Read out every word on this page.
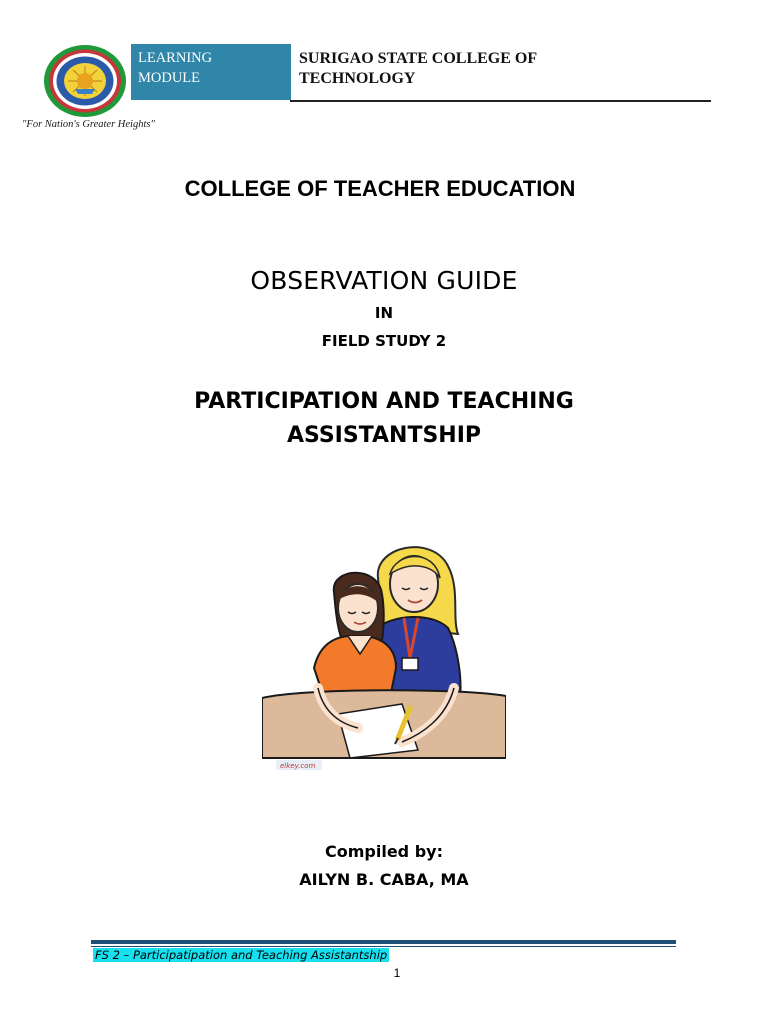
"For Nation's Greater Heights"
LEARNING
MODULE
SURIGAO STATE COLLEGE OF
TECHNOLOGY
COLLEGE OF TEACHER EDUCATION
OBSERVATION GUIDE
IN
FIELD STUDY 2
PARTICIPATION AND TEACHING
ASSISTANTSHIP
elkey.com
Compiled by:
AILYN B. CABA, MA
FS 2 – Participatipation and Teaching Assistantship
1
